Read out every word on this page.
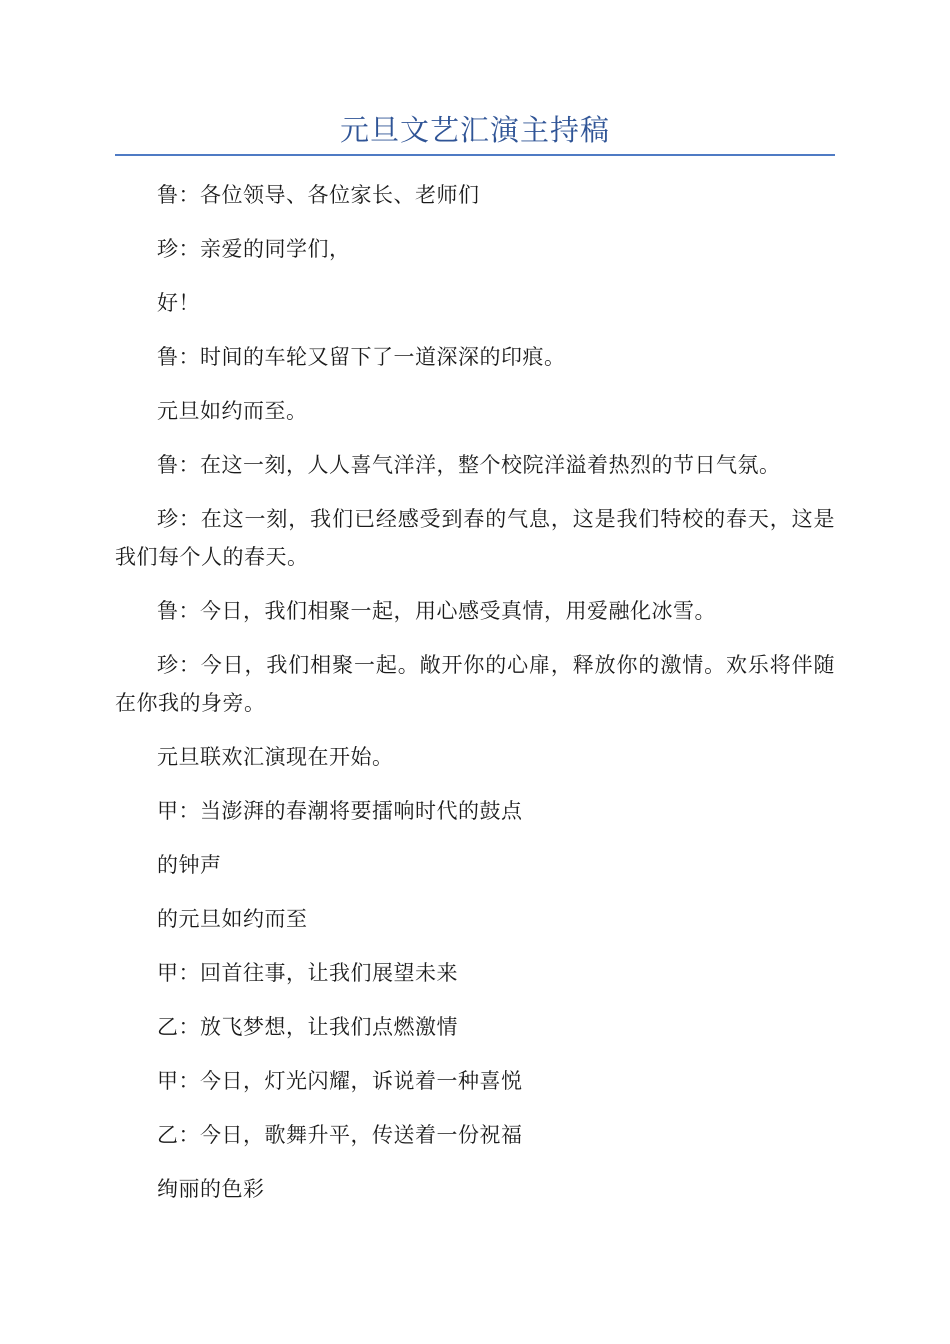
元旦文艺汇演主持稿

鲁：各位领导、各位家长、老师们

珍：亲爱的同学们，

好！

鲁：时间的车轮又留下了一道深深的印痕。

元旦如约而至。

鲁：在这一刻，人人喜气洋洋，整个校院洋溢着热烈的节日气氛。

珍：在这一刻，我们已经感受到春的气息，这是我们特校的春天，这是我们每个人的春天。

鲁：今日，我们相聚一起，用心感受真情，用爱融化冰雪。

珍：今日，我们相聚一起。敞开你的心扉，释放你的激情。欢乐将伴随在你我的身旁。

元旦联欢汇演现在开始。

甲：当澎湃的春潮将要擂响时代的鼓点

的钟声

的元旦如约而至

甲：回首往事，让我们展望未来

乙：放飞梦想，让我们点燃激情

甲：今日，灯光闪耀，诉说着一种喜悦

乙：今日，歌舞升平，传送着一份祝福

绚丽的色彩
